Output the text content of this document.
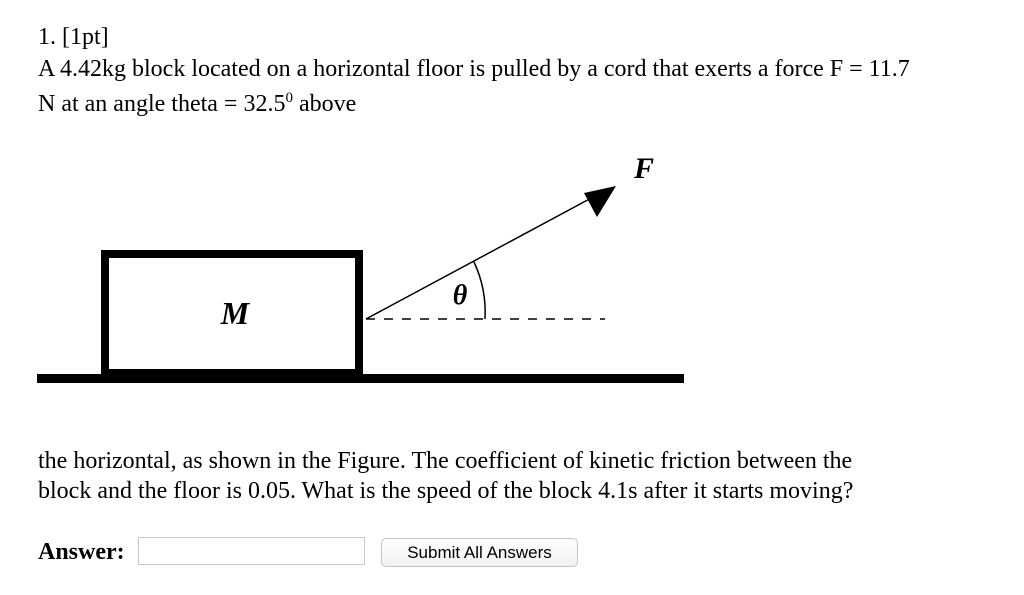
1. [1pt]
A 4.42kg block located on a horizontal floor is pulled by a cord that exerts a force F = 11.7
N at an angle theta = $32.5^0$ above
M
F
θ
the horizontal, as shown in the Figure. The coefficient of kinetic friction between the
block and the floor is 0.05. What is the speed of the block 4.1s after it starts moving?
Answer:	Submit All Answers
